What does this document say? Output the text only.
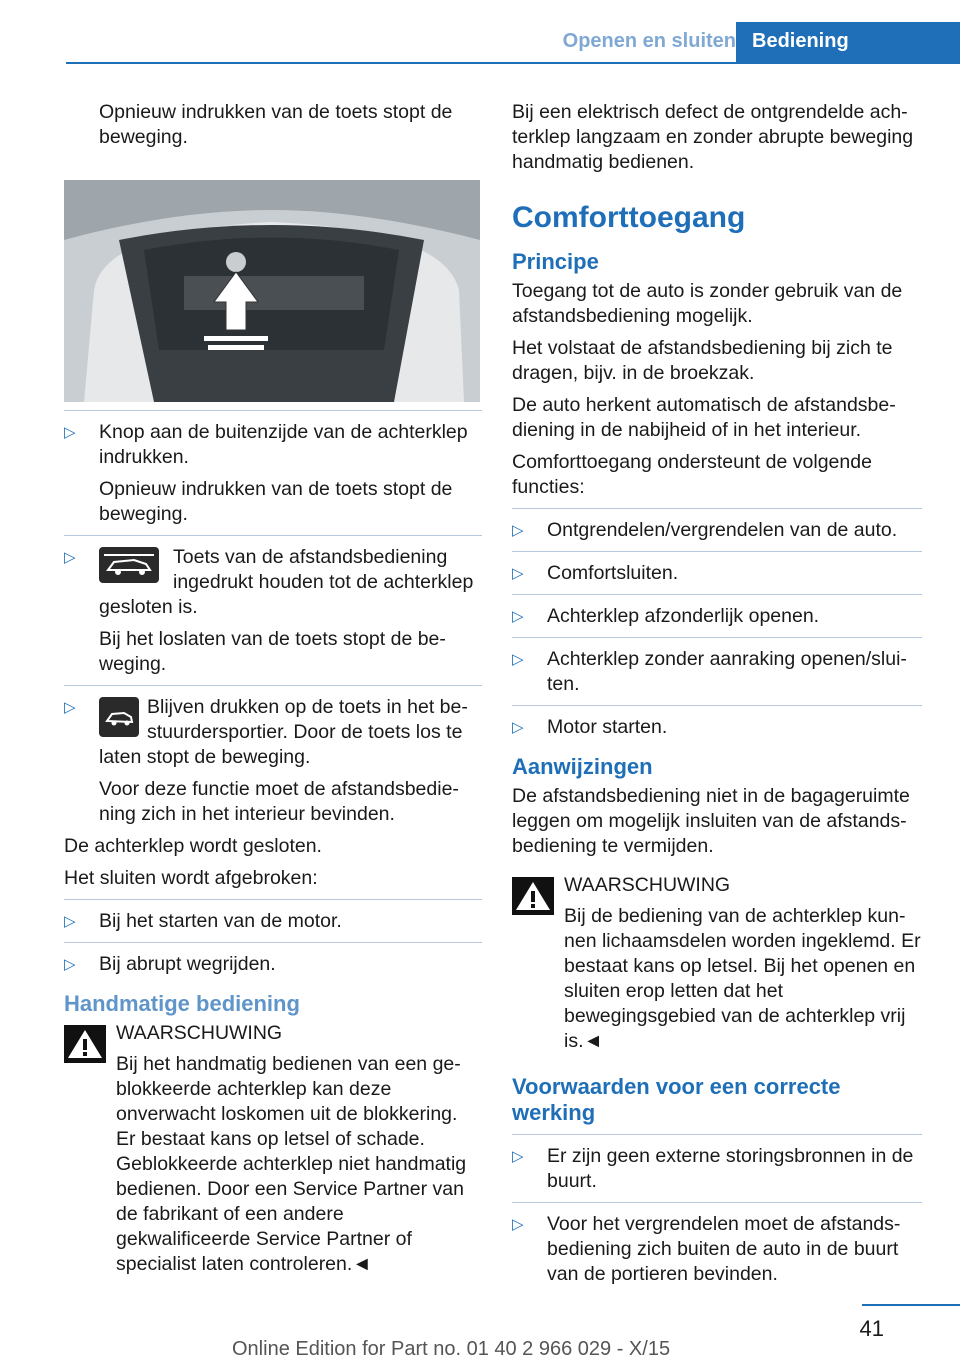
Openen en sluiten Bediening

Opnieuw indrukken van de toets stopt de beweging.

▷ Knop aan de buitenzijde van de achterklep indrukken.

Opnieuw indrukken van de toets stopt de beweging.

▷	Toets van de afstandsbediening ingedrukt houden tot de achterklep gesloten is.

Bij het loslaten van de toets stopt de beweging.

▷	Blijven drukken op de toets in het bestuurdersportier. Door de toets los te laten stopt de beweging.

Voor deze functie moet de afstandsbediening zich in het interieur bevinden.

De achterklep wordt gesloten.

Het sluiten wordt afgebroken:

▷ Bij het starten van de motor.

▷ Bij abrupt wegrijden.

Handmatige bediening

WAARSCHUWING

Bij het handmatig bedienen van een geblokkeerde achterklep kan deze onverwacht loskomen uit de blokkering. Er bestaat kans op letsel of schade. Geblokkeerde achterklep niet handmatig bedienen. Door een Service Partner van de fabrikant of een andere gekwalificeerde Service Partner of specialist laten controleren.◄

Bij een elektrisch defect de ontgrendelde achterklep langzaam en zonder abrupte beweging handmatig bedienen.

Comforttoegang
Principe

Toegang tot de auto is zonder gebruik van de afstandsbediening mogelijk.

Het volstaat de afstandsbediening bij zich te dragen, bijv. in de broekzak.

De auto herkent automatisch de afstandsbediening in de nabijheid of in het interieur.

Comforttoegang ondersteunt de volgende functies:

▷ Ontgrendelen/vergrendelen van de auto.

▷ Comfortsluiten.

▷ Achterklep afzonderlijk openen.

▷ Achterklep zonder aanraking openen/sluiten.

▷ Motor starten.

Aanwijzingen

De afstandsbediening niet in de bagageruimte leggen om mogelijk insluiten van de afstandsbediening te vermijden.

WAARSCHUWING

Bij de bediening van de achterklep kunnen lichaamsdelen worden ingeklemd. Er bestaat kans op letsel. Bij het openen en sluiten erop letten dat het bewegingsgebied van de achterklep vrij is.◄

Voorwaarden voor een correcte werking
▷ Er zijn geen externe storingsbronnen in de buurt.

▷ Voor het vergrendelen moet de afstandsbediening zich buiten de auto in de buurt van de portieren bevinden.

41
Online Edition for Part no. 01 40 2 966 029 - X/15
